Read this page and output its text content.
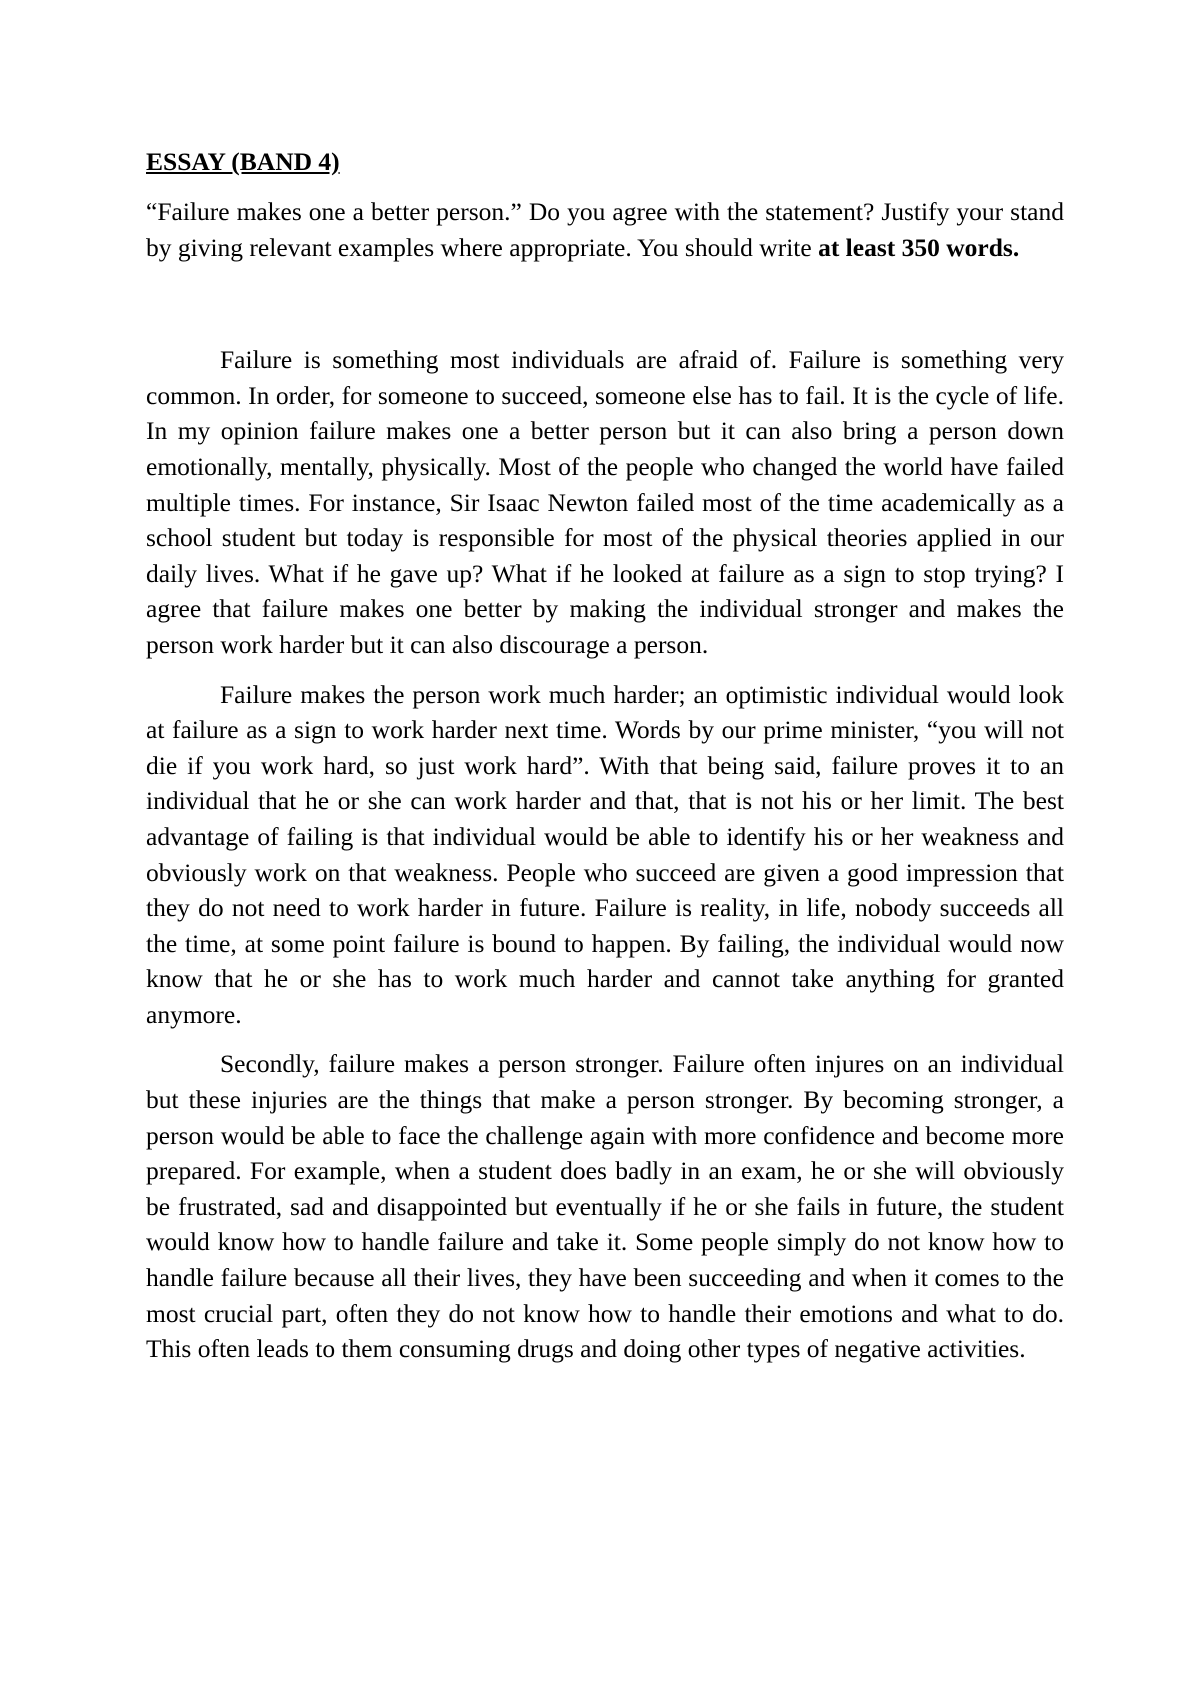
ESSAY (BAND 4)

“Failure makes one a better person.” Do you agree with the statement? Justify your stand by giving relevant examples where appropriate. You should write at least 350 words.

Failure is something most individuals are afraid of. Failure is something very common. In order, for someone to succeed, someone else has to fail. It is the cycle of life. In my opinion failure makes one a better person but it can also bring a person down emotionally, mentally, physically. Most of the people who changed the world have failed multiple times. For instance, Sir Isaac Newton failed most of the time academically as a school student but today is responsible for most of the physical theories applied in our daily lives. What if he gave up? What if he looked at failure as a sign to stop trying? I agree that failure makes one better by making the individual stronger and makes the person work harder but it can also discourage a person.

Failure makes the person work much harder; an optimistic individual would look at failure as a sign to work harder next time. Words by our prime minister, “you will not die if you work hard, so just work hard”. With that being said, failure proves it to an individual that he or she can work harder and that, that is not his or her limit. The best advantage of failing is that individual would be able to identify his or her weakness and obviously work on that weakness. People who succeed are given a good impression that they do not need to work harder in future. Failure is reality, in life, nobody succeeds all the time, at some point failure is bound to happen. By failing, the individual would now know that he or she has to work much harder and cannot take anything for granted anymore.

Secondly, failure makes a person stronger. Failure often injures on an individual but these injuries are the things that make a person stronger. By becoming stronger, a person would be able to face the challenge again with more confidence and become more prepared. For example, when a student does badly in an exam, he or she will obviously be frustrated, sad and disappointed but eventually if he or she fails in future, the student would know how to handle failure and take it. Some people simply do not know how to handle failure because all their lives, they have been succeeding and when it comes to the most crucial part, often they do not know how to handle their emotions and what to do. This often leads to them consuming drugs and doing other types of negative activities.
